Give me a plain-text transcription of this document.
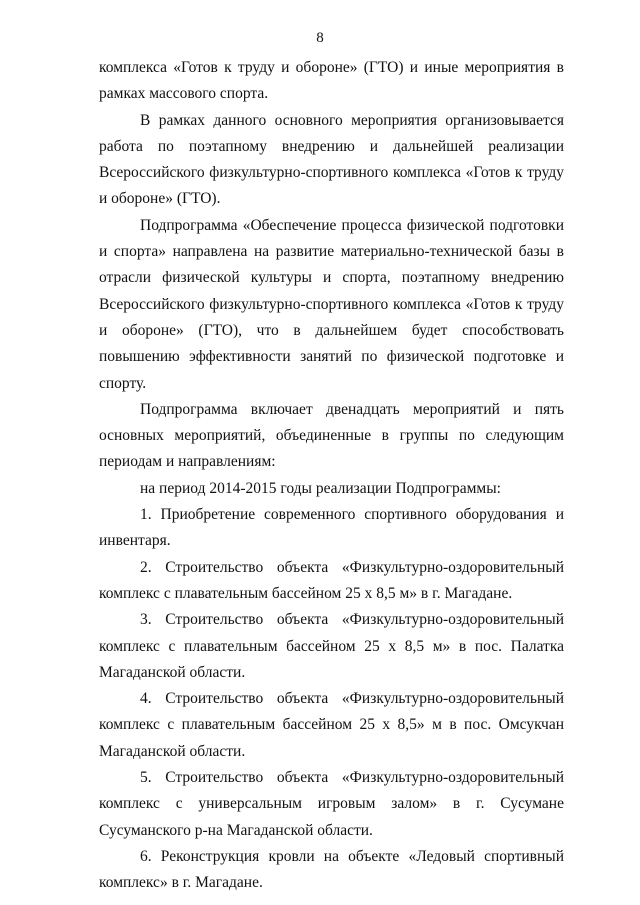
8

комплекса «Готов к труду и обороне» (ГТО) и иные мероприятия в рамках массового спорта.

В рамках данного основного мероприятия организовывается работа по поэтапному внедрению и дальнейшей реализации Всероссийского физкультурно-спортивного комплекса «Готов к труду и обороне» (ГТО).

Подпрограмма «Обеспечение процесса физической подготовки и спорта» направлена на развитие материально-технической базы в отрасли физической культуры и спорта, поэтапному внедрению Всероссийского физкультурно-спортивного комплекса «Готов к труду и обороне» (ГТО), что в дальнейшем будет способствовать повышению эффективности занятий по физической подготовке и спорту.

Подпрограмма включает двенадцать мероприятий и пять основных мероприятий, объединенные в группы по следующим периодам и направлениям:

на период 2014-2015 годы реализации Подпрограммы:

1. Приобретение современного спортивного оборудования и инвентаря.

2. Строительство объекта «Физкультурно-оздоровительный комплекс с плавательным бассейном 25 х 8,5 м» в г. Магадане.

3. Строительство объекта «Физкультурно-оздоровительный комплекс с плавательным бассейном 25 х 8,5 м» в пос. Палатка Магаданской области.

4. Строительство объекта «Физкультурно-оздоровительный комплекс с плавательным бассейном 25 х 8,5» м в пос. Омсукчан Магаданской области.

5. Строительство объекта «Физкультурно-оздоровительный комплекс с универсальным игровым залом» в г. Сусумане Сусуманского р-на Магаданской области.

6. Реконструкция кровли на объекте «Ледовый спортивный комплекс» в г. Магадане.
